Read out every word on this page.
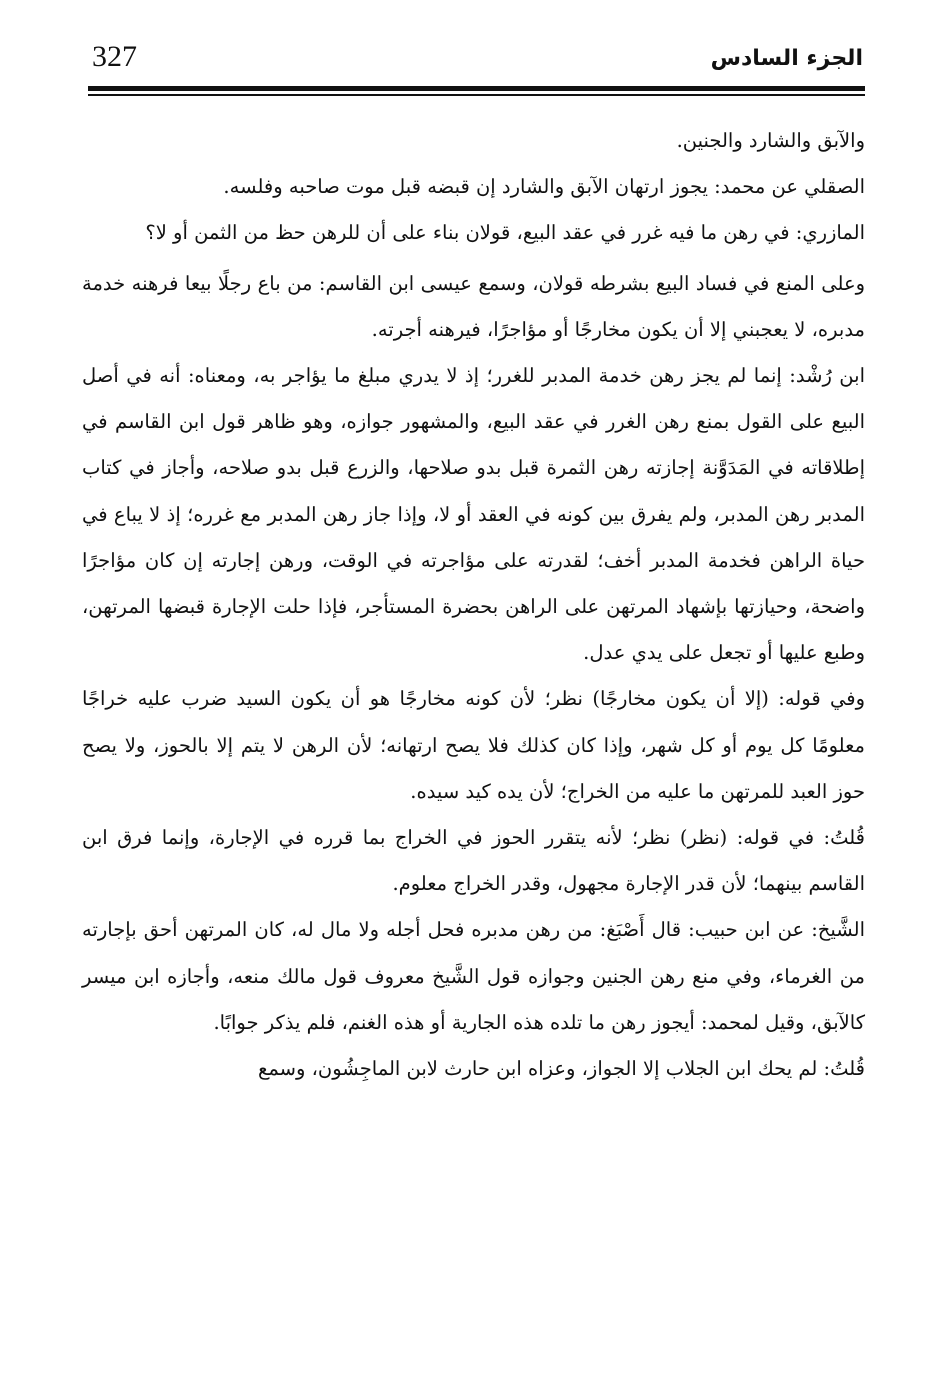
327	الجزء السادس

والآبق والشارد والجنين.

الصقلي عن محمد: يجوز ارتهان الآبق والشارد إن قبضه قبل موت صاحبه وفلسه.

المازري: في رهن ما فيه غرر في عقد البيع، قولان بناء على أن للرهن حظ من الثمن أو لا؟

وعلى المنع في فساد البيع بشرطه قولان، وسمع عيسى ابن القاسم: من باع رجلًا بيعا فرهنه خدمة مدبره، لا يعجبني إلا أن يكون مخارجًا أو مؤاجرًا، فيرهنه أجرته.

ابن رُشْد: إنما لم يجز رهن خدمة المدبر للغرر؛ إذ لا يدري مبلغ ما يؤاجر به، ومعناه: أنه في أصل البيع على القول بمنع رهن الغرر في عقد البيع، والمشهور جوازه، وهو ظاهر قول ابن القاسم في إطلاقاته في المَدَوَّنة إجازته رهن الثمرة قبل بدو صلاحها، والزرع قبل بدو صلاحه، وأجاز في كتاب المدبر رهن المدبر، ولم يفرق بين كونه في العقد أو لا، وإذا جاز رهن المدبر مع غرره؛ إذ لا يباع في حياة الراهن فخدمة المدبر أخف؛ لقدرته على مؤاجرته في الوقت، ورهن إجارته إن كان مؤاجرًا واضحة، وحيازتها بإشهاد المرتهن على الراهن بحضرة المستأجر، فإذا حلت الإجارة قبضها المرتهن، وطبع عليها أو تجعل على يدي عدل.

وفي قوله: (إلا أن يكون مخارجًا) نظر؛ لأن كونه مخارجًا هو أن يكون السيد ضرب عليه خراجًا معلومًا كل يوم أو كل شهر، وإذا كان كذلك فلا يصح ارتهانه؛ لأن الرهن لا يتم إلا بالحوز، ولا يصح حوز العبد للمرتهن ما عليه من الخراج؛ لأن يده كيد سيده.

قُلتُ: في قوله: (نظر) نظر؛ لأنه يتقرر الحوز في الخراج بما قرره في الإجارة، وإنما فرق ابن القاسم بينهما؛ لأن قدر الإجارة مجهول، وقدر الخراج معلوم.

الشَّيخ: عن ابن حبيب: قال أَصْبَغ: من رهن مدبره فحل أجله ولا مال له، كان المرتهن أحق بإجارته من الغرماء، وفي منع رهن الجنين وجوازه قول الشَّيخ معروف قول مالك منعه، وأجازه ابن ميسر كالآبق، وقيل لمحمد: أيجوز رهن ما تلده هذه الجارية أو هذه الغنم، فلم يذكر جوابًا.

قُلتُ: لم يحك ابن الجلاب إلا الجواز، وعزاه ابن حارث لابن الماجِشُون، وسمع
